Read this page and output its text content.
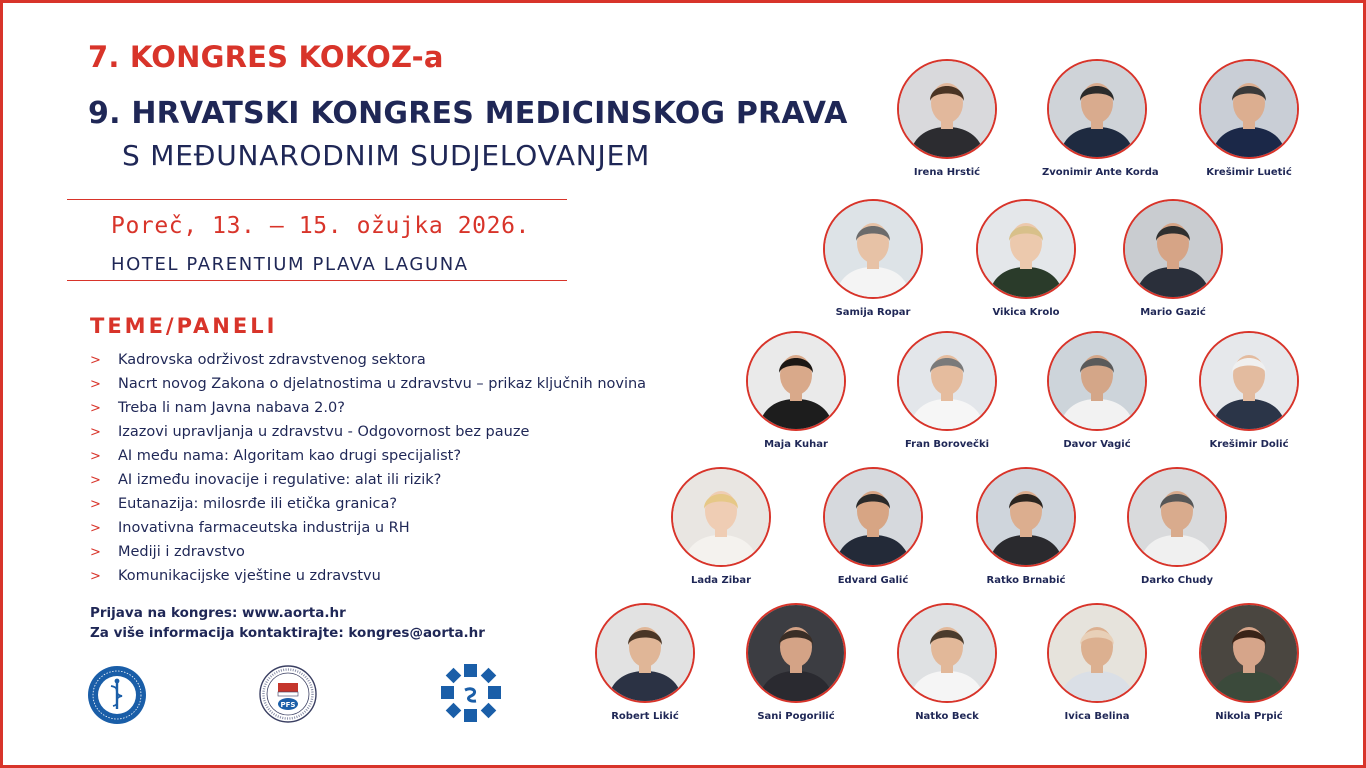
7. KONGRES KOKOZ-a
9. HRVATSKI KONGRES MEDICINSKOG PRAVA
S MEĐUNARODNIM SUDJELOVANJEM
Poreč, 13. — 15. ožujka 2026.
HOTEL PARENTIUM PLAVA LAGUNA
TEME/PANELI
> Kadrovska održivost zdravstvenog sektora
> Nacrt novog Zakona o djelatnostima u zdravstvu – prikaz ključnih novina
> Treba li nam Javna nabava 2.0?
> Izazovi upravljanja u zdravstvu - Odgovornost bez pauze
> AI među nama: Algoritam kao drugi specijalist?
> AI između inovacije i regulative: alat ili rizik?
> Eutanazija: milosrđe ili etička granica?
> Inovativna farmaceutska industrija u RH
> Mediji i zdravstvo
> Komunikacijske vještine u zdravstvu
Prijava na kongres: www.aorta.hr
Za više informacija kontaktirajte: kongres@aorta.hr
PFS
Irena Hrstić	Zvonimir Ante Korda	Krešimir Luetić
Samija Ropar	Vikica Krolo	Mario Gazić
Maja Kuhar	Fran Borovečki	Davor Vagić	Krešimir Dolić
Lada Zibar	Edvard Galić	Ratko Brnabić	Darko Chudy
Robert Likić	Sani Pogorilić	Natko Beck	Ivica Belina	Nikola Prpić
